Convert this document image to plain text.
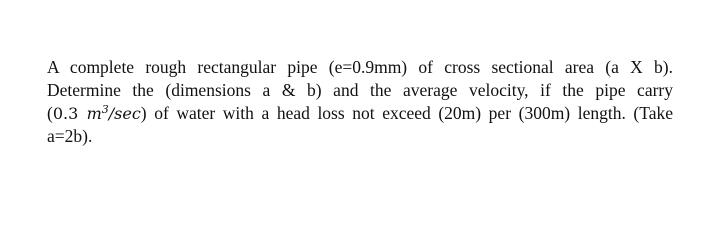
A complete rough rectangular pipe (e=0.9mm) of cross sectional area (a X b).
Determine the (dimensions a & b) and the average velocity, if the pipe carry
(0.3 $m^3/\sec$) of water with a head loss not exceed (20m) per (300m) length. (Take
a=2b).
